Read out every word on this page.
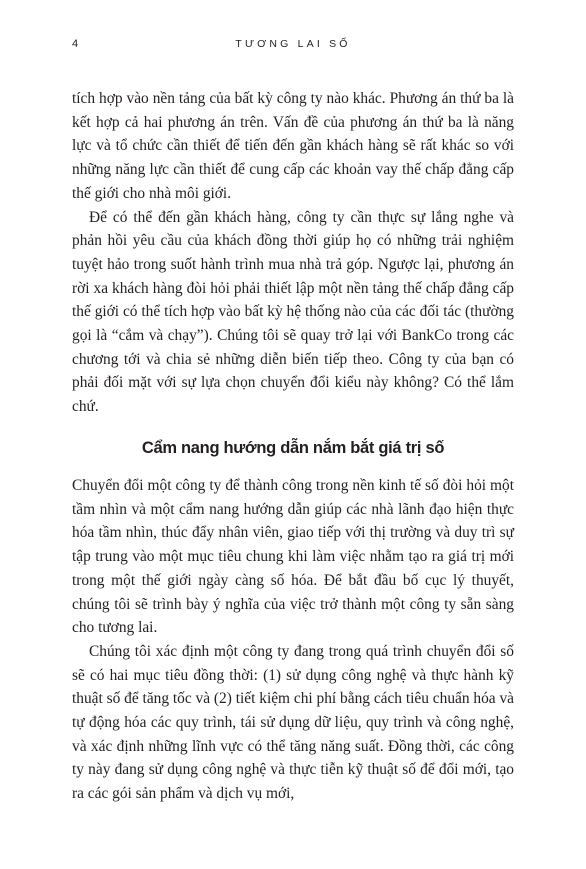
4	TƯƠNG LAI SỐ

tích hợp vào nền tảng của bất kỳ công ty nào khác. Phương án thứ ba là kết hợp cả hai phương án trên. Vấn đề của phương án thứ ba là năng lực và tổ chức cần thiết để tiến đến gần khách hàng sẽ rất khác so với những năng lực cần thiết để cung cấp các khoản vay thế chấp đẳng cấp thế giới cho nhà môi giới.

Để có thể đến gần khách hàng, công ty cần thực sự lắng nghe và phản hồi yêu cầu của khách đồng thời giúp họ có những trải nghiệm tuyệt hảo trong suốt hành trình mua nhà trả góp. Ngược lại, phương án rời xa khách hàng đòi hỏi phải thiết lập một nền tảng thế chấp đẳng cấp thế giới có thể tích hợp vào bất kỳ hệ thống nào của các đối tác (thường gọi là “cắm và chạy”). Chúng tôi sẽ quay trở lại với BankCo trong các chương tới và chia sẻ những diễn biến tiếp theo. Công ty của bạn có phải đối mặt với sự lựa chọn chuyển đổi kiểu này không? Có thể lắm chứ.

Cẩm nang hướng dẫn nắm bắt giá trị số

Chuyển đổi một công ty để thành công trong nền kinh tế số đòi hỏi một tầm nhìn và một cẩm nang hướng dẫn giúp các nhà lãnh đạo hiện thực hóa tầm nhìn, thúc đẩy nhân viên, giao tiếp với thị trường và duy trì sự tập trung vào một mục tiêu chung khi làm việc nhằm tạo ra giá trị mới trong một thế giới ngày càng số hóa. Để bắt đầu bố cục lý thuyết, chúng tôi sẽ trình bày ý nghĩa của việc trở thành một công ty sẵn sàng cho tương lai.

Chúng tôi xác định một công ty đang trong quá trình chuyển đổi số sẽ có hai mục tiêu đồng thời: (1) sử dụng công nghệ và thực hành kỹ thuật số để tăng tốc và (2) tiết kiệm chi phí bằng cách tiêu chuẩn hóa và tự động hóa các quy trình, tái sử dụng dữ liệu, quy trình và công nghệ, và xác định những lĩnh vực có thể tăng năng suất. Đồng thời, các công ty này đang sử dụng công nghệ và thực tiễn kỹ thuật số để đổi mới, tạo ra các gói sản phẩm và dịch vụ mới,
